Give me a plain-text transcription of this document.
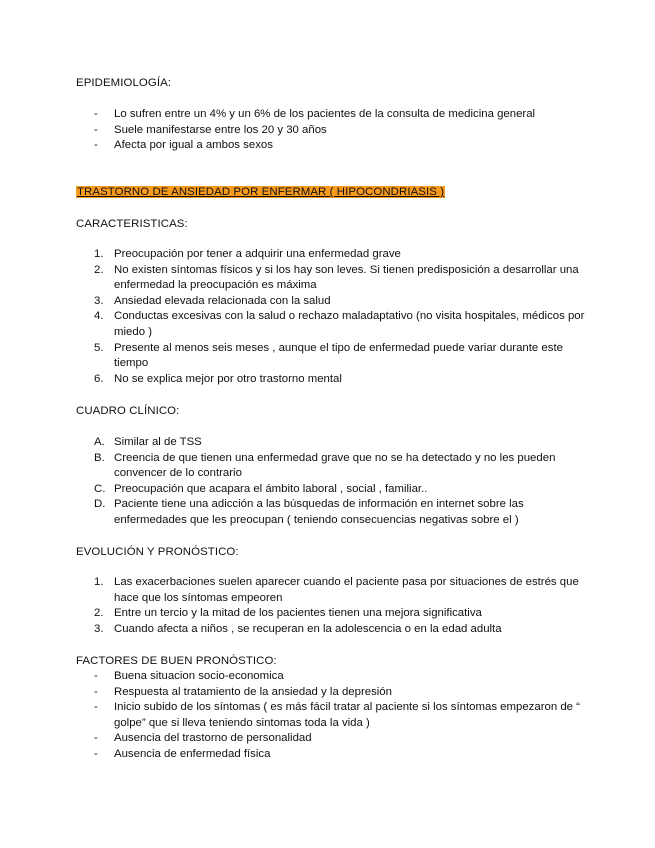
EPIDEMIOLOGÍA:

-	Lo sufren entre un 4% y un 6% de los pacientes de la consulta de medicina general
-	Suele manifestarse entre los 20 y 30 años
-	Afecta por igual a ambos sexos

TRASTORNO DE ANSIEDAD POR ENFERMAR ( HIPOCONDRIASIS )

CARACTERISTICAS:

1. Preocupación por tener a adquirir una enfermedad grave
2. No existen síntomas físicos y si los hay son leves. Si tienen predisposición a desarrollar una enfermedad la preocupación es máxima
3. Ansiedad elevada relacionada con la salud
4. Conductas excesivas con la salud o rechazo maladaptativo (no visita hospitales, médicos por miedo )
5. Presente al menos seis meses , aunque el tipo de enfermedad puede variar durante este tiempo
6. No se explica mejor por otro trastorno mental

CUADRO CLÍNICO:

A. Similar al de TSS
B. Creencia de que tienen una enfermedad grave que no se ha detectado y no les pueden convencer de lo contrario
C. Preocupación que acapara el ámbito laboral , social , familiar..
D. Paciente tiene una adicción a las búsquedas de información en internet sobre las enfermedades que les preocupan ( teniendo consecuencias negativas sobre el )

EVOLUCIÓN Y PRONÓSTICO:

1. Las exacerbaciones suelen aparecer cuando el paciente pasa por situaciones de estrés que hace que los síntomas empeoren
2. Entre un tercio y la mitad de los pacientes tienen una mejora significativa
3. Cuando afecta a niños , se recuperan en la adolescencia o en la edad adulta

FACTORES DE BUEN PRONÓSTICO:

-	Buena situacion socio-economica
-	Respuesta al tratamiento de la ansiedad y la depresión
-	Inicio subido de los síntomas ( es más fácil tratar al paciente si los síntomas empezaron de “ golpe” que si lleva teniendo sintomas toda la vida )
-	Ausencia del trastorno de personalidad
-	Ausencia de enfermedad física
